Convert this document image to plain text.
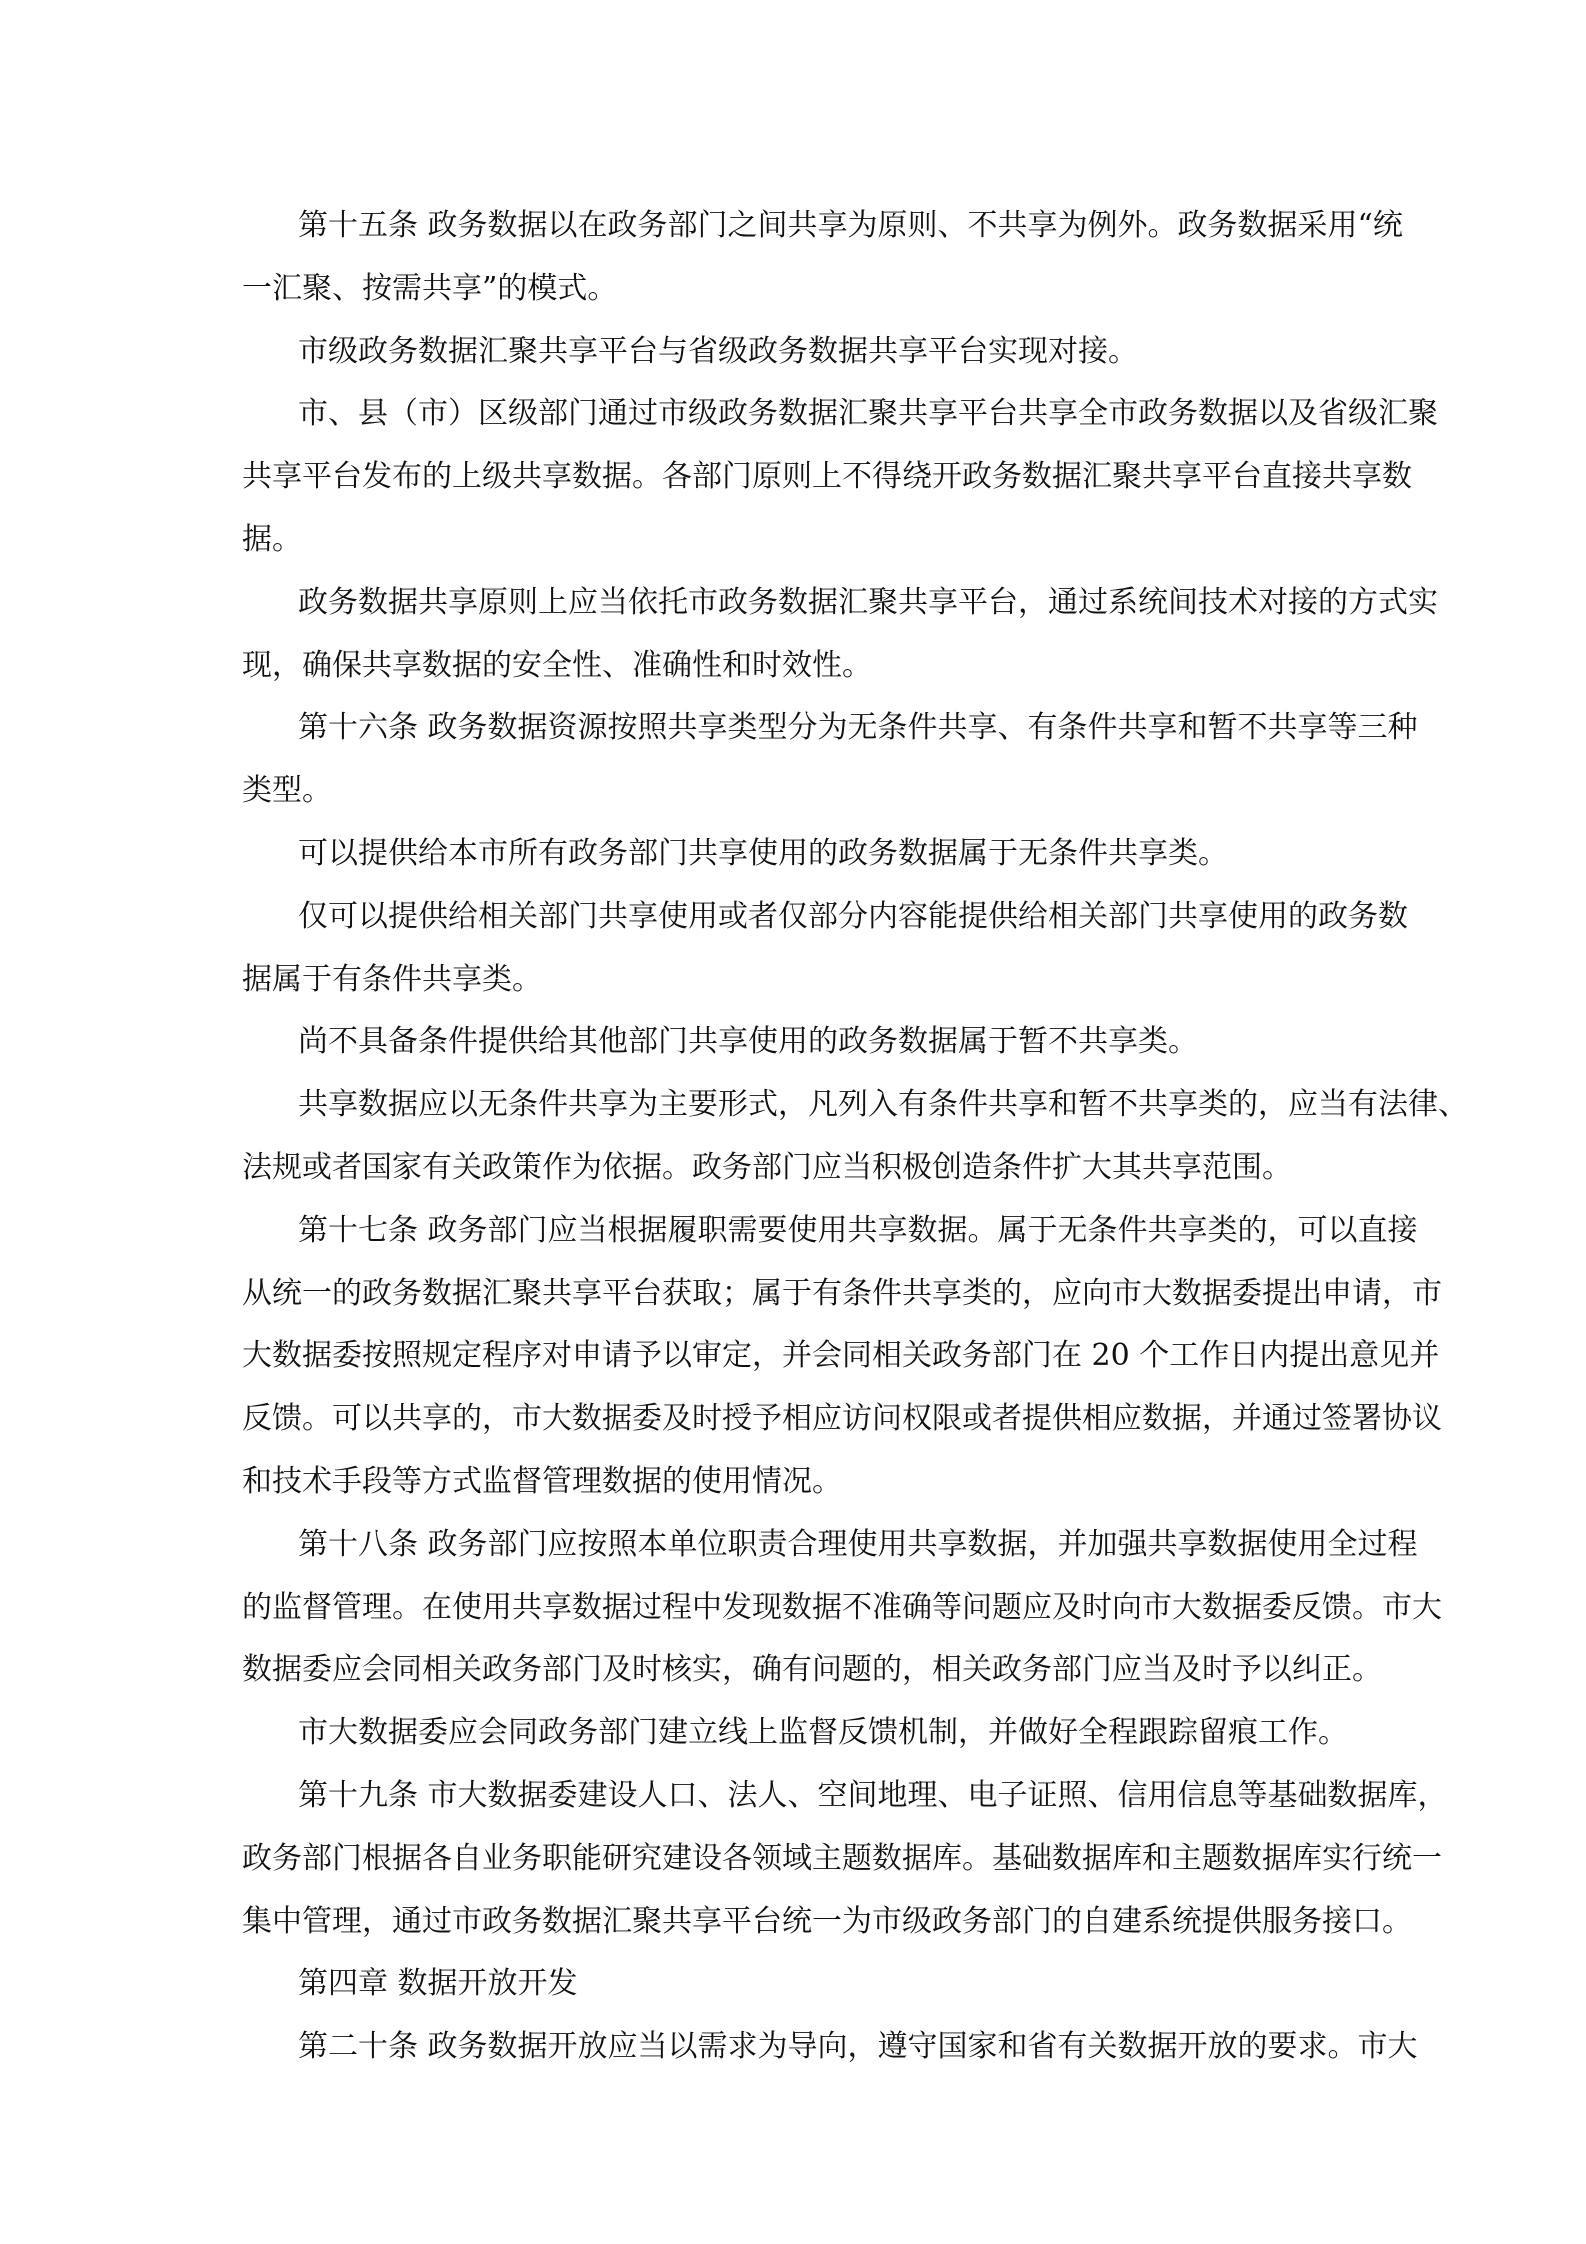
第十五条 政务数据以在政务部门之间共享为原则、不共享为例外。政务数据采用“统
一汇聚、按需共享”的模式。
市级政务数据汇聚共享平台与省级政务数据共享平台实现对接。
市、县（市）区级部门通过市级政务数据汇聚共享平台共享全市政务数据以及省级汇聚
共享平台发布的上级共享数据。各部门原则上不得绕开政务数据汇聚共享平台直接共享数
据。
政务数据共享原则上应当依托市政务数据汇聚共享平台，通过系统间技术对接的方式实
现，确保共享数据的安全性、准确性和时效性。
第十六条 政务数据资源按照共享类型分为无条件共享、有条件共享和暂不共享等三种
类型。
可以提供给本市所有政务部门共享使用的政务数据属于无条件共享类。
仅可以提供给相关部门共享使用或者仅部分内容能提供给相关部门共享使用的政务数
据属于有条件共享类。
尚不具备条件提供给其他部门共享使用的政务数据属于暂不共享类。
共享数据应以无条件共享为主要形式，凡列入有条件共享和暂不共享类的，应当有法律、
法规或者国家有关政策作为依据。政务部门应当积极创造条件扩大其共享范围。
第十七条 政务部门应当根据履职需要使用共享数据。属于无条件共享类的，可以直接
从统一的政务数据汇聚共享平台获取；属于有条件共享类的，应向市大数据委提出申请，市
大数据委按照规定程序对申请予以审定，并会同相关政务部门在 20 个工作日内提出意见并
反馈。可以共享的，市大数据委及时授予相应访问权限或者提供相应数据，并通过签署协议
和技术手段等方式监督管理数据的使用情况。
第十八条 政务部门应按照本单位职责合理使用共享数据，并加强共享数据使用全过程
的监督管理。在使用共享数据过程中发现数据不准确等问题应及时向市大数据委反馈。市大
数据委应会同相关政务部门及时核实，确有问题的，相关政务部门应当及时予以纠正。
市大数据委应会同政务部门建立线上监督反馈机制，并做好全程跟踪留痕工作。
第十九条 市大数据委建设人口、法人、空间地理、电子证照、信用信息等基础数据库，
政务部门根据各自业务职能研究建设各领域主题数据库。基础数据库和主题数据库实行统一
集中管理，通过市政务数据汇聚共享平台统一为市级政务部门的自建系统提供服务接口。
第四章 数据开放开发
第二十条 政务数据开放应当以需求为导向，遵守国家和省有关数据开放的要求。市大
